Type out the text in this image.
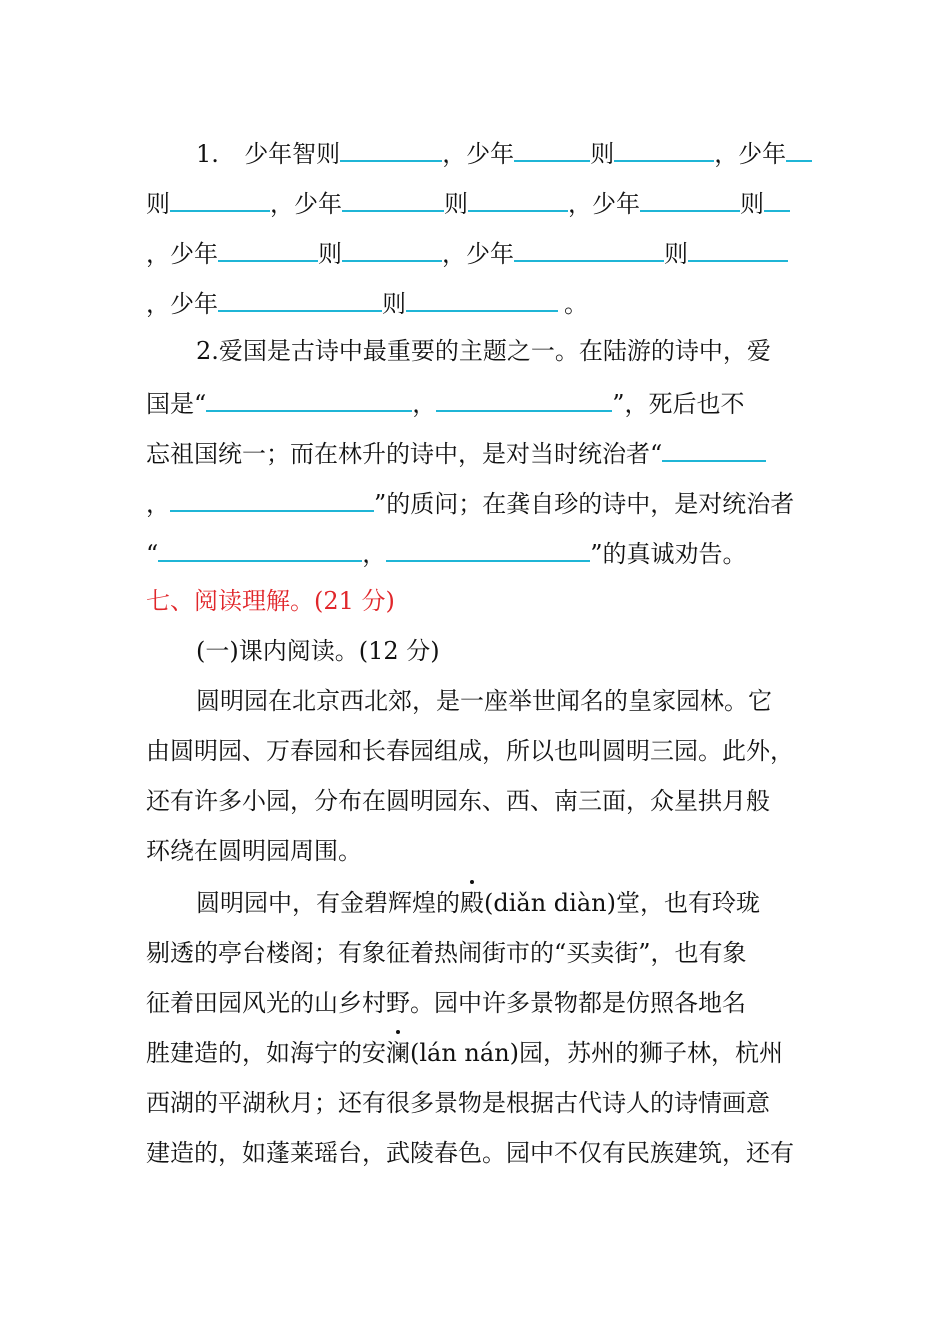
1. 少年智则	，少年	则	，少年
则	，少年	则	，少年	则
，少年	则	，少年	则
，少年	则	。
2.爱国是古诗中最重要的主题之一。在陆游的诗中，爱
国是“	，	”，死后也不
忘祖国统一；而在林升的诗中，是对当时统治者“
，	”的质问；在龚自珍的诗中，是对统治者
“	，	”的真诚劝告。
七、阅读理解。(21 分)
(一)课内阅读。(12 分)
圆明园在北京西北郊，是一座举世闻名的皇家园林。它
由圆明园、万春园和长春园组成，所以也叫圆明三园。此外，
还有许多小园，分布在圆明园东、西、南三面，众星拱月般
环绕在圆明园周围。
圆明园中，有金碧辉煌的殿(diǎn diàn)堂，也有玲珑
剔透的亭台楼阁；有象征着热闹街市的“买卖街”，也有象
征着田园风光的山乡村野。园中许多景物都是仿照各地名
胜建造的，如海宁的安澜(lán nán)园，苏州的狮子林，杭州
西湖的平湖秋月；还有很多景物是根据古代诗人的诗情画意
建造的，如蓬莱瑶台，武陵春色。园中不仅有民族建筑，还有
